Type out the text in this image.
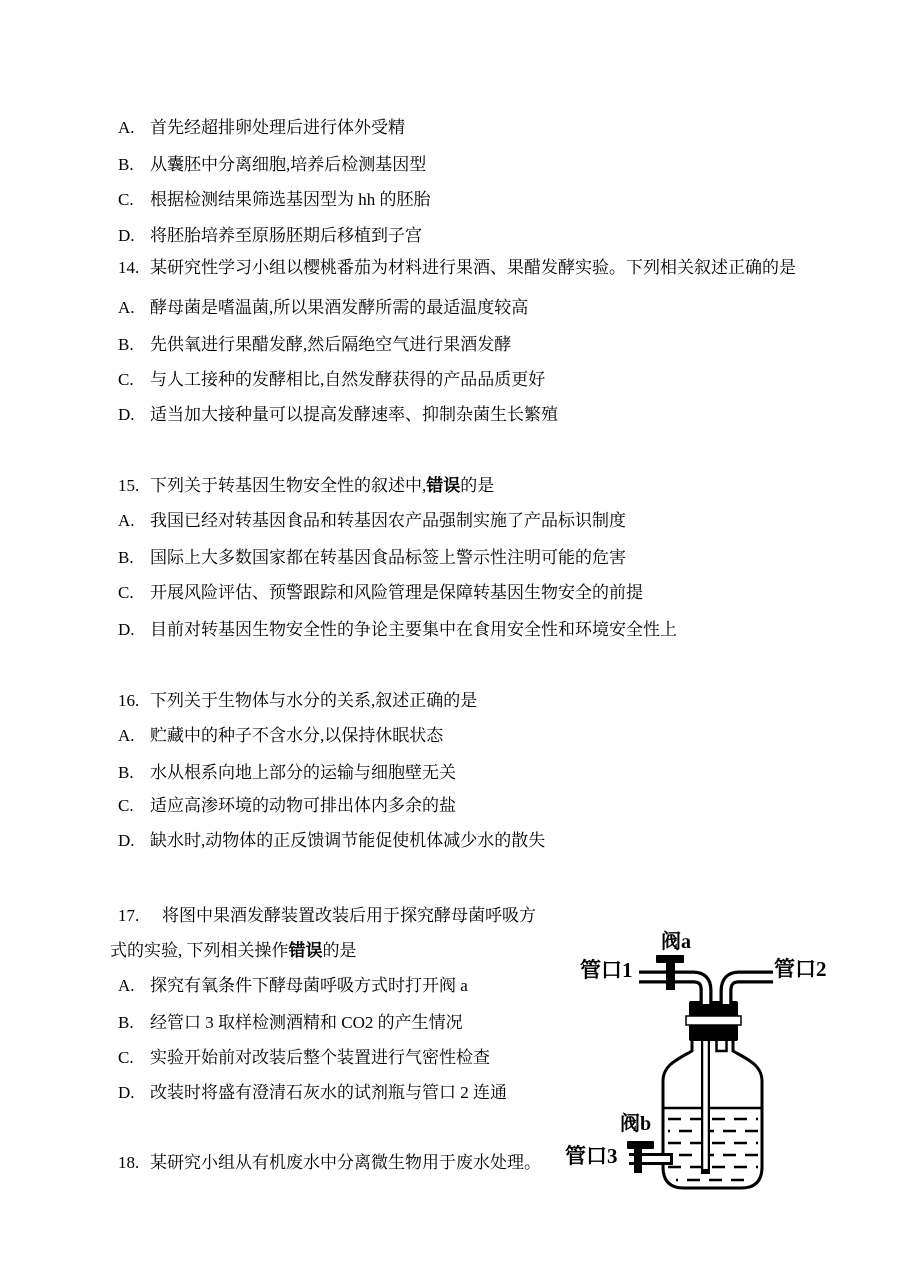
A. 首先经超排卵处理后进行体外受精
B. 从囊胚中分离细胞,培养后检测基因型
C. 根据检测结果筛选基因型为 hh 的胚胎
D. 将胚胎培养至原肠胚期后移植到子宫
14. 某研究性学习小组以樱桃番茄为材料进行果酒、果醋发酵实验。下列相关叙述正确的是
A. 酵母菌是嗜温菌,所以果酒发酵所需的最适温度较高
B. 先供氧进行果醋发酵,然后隔绝空气进行果酒发酵
C. 与人工接种的发酵相比,自然发酵获得的产品品质更好
D. 适当加大接种量可以提高发酵速率、抑制杂菌生长繁殖
15. 下列关于转基因生物安全性的叙述中,错误的是
A. 我国已经对转基因食品和转基因农产品强制实施了产品标识制度
B. 国际上大多数国家都在转基因食品标签上警示性注明可能的危害
C. 开展风险评估、预警跟踪和风险管理是保障转基因生物安全的前提
D. 目前对转基因生物安全性的争论主要集中在食用安全性和环境安全性上
16. 下列关于生物体与水分的关系,叙述正确的是
A. 贮藏中的种子不含水分,以保持休眠状态
B. 水从根系向地上部分的运输与细胞壁无关
C. 适应高渗环境的动物可排出体内多余的盐
D. 缺水时,动物体的正反馈调节能促使机体减少水的散失
17.	将图中果酒发酵装置改装后用于探究酵母菌呼吸方
式的实验, 下列相关操作错误的是
A. 探究有氧条件下酵母菌呼吸方式时打开阀 a
B. 经管口 3 取样检测酒精和 CO2 的产生情况
C. 实验开始前对改装后整个装置进行气密性检查
D. 改装时将盛有澄清石灰水的试剂瓶与管口 2 连通
18. 某研究小组从有机废水中分离微生物用于废水处理。
阀a
管口1	管口2
阀b
管口3
